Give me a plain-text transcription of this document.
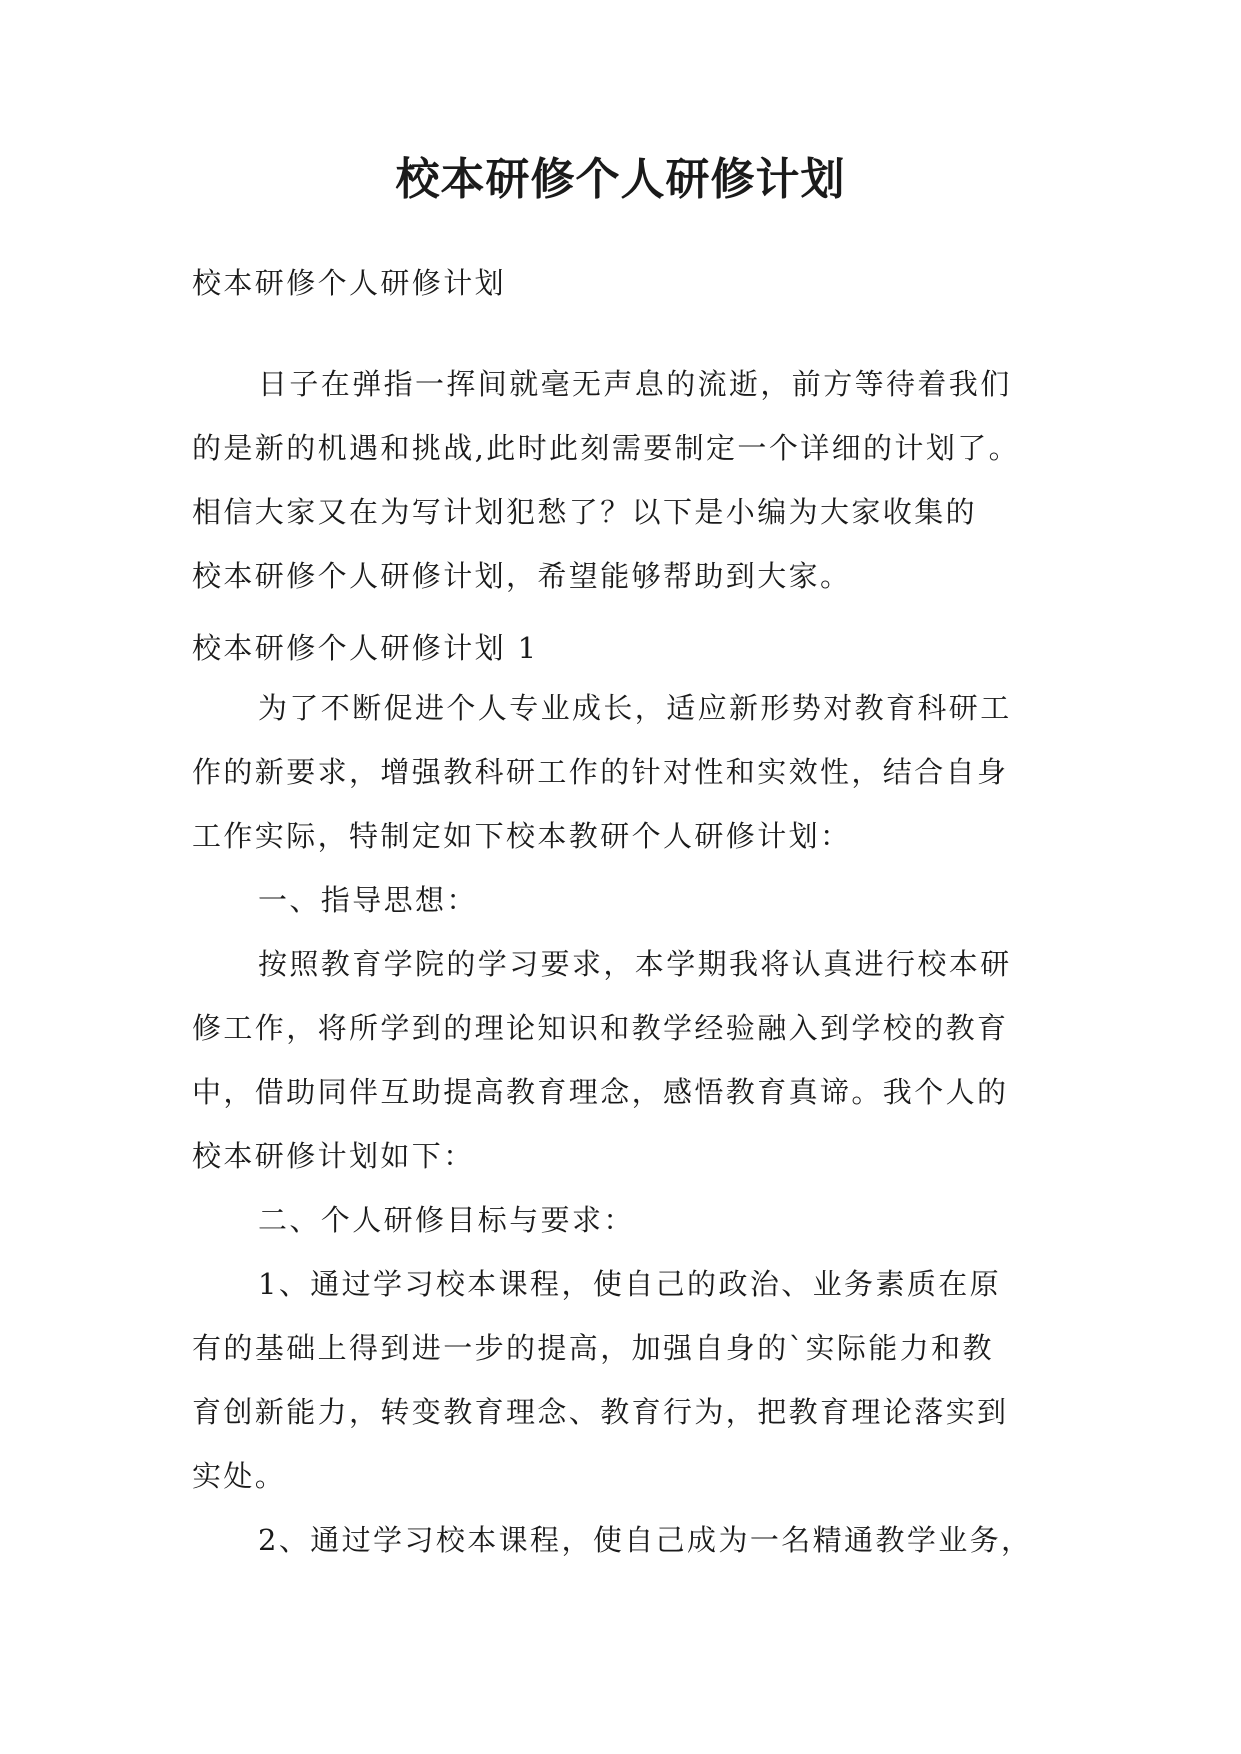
校本研修个人研修计划

校本研修个人研修计划

日子在弹指一挥间就毫无声息的流逝，前方等待着我们
的是新的机遇和挑战,此时此刻需要制定一个详细的计划了。
相信大家又在为写计划犯愁了？以下是小编为大家收集的
校本研修个人研修计划，希望能够帮助到大家。

校本研修个人研修计划 1

为了不断促进个人专业成长，适应新形势对教育科研工
作的新要求，增强教科研工作的针对性和实效性，结合自身
工作实际，特制定如下校本教研个人研修计划：
一、指导思想：
按照教育学院的学习要求，本学期我将认真进行校本研
修工作，将所学到的理论知识和教学经验融入到学校的教育
中，借助同伴互助提高教育理念，感悟教育真谛。我个人的
校本研修计划如下：
二、个人研修目标与要求：
1、通过学习校本课程，使自己的政治、业务素质在原
有的基础上得到进一步的提高，加强自身的`实际能力和教
育创新能力，转变教育理念、教育行为，把教育理论落实到
实处。
2、通过学习校本课程，使自己成为一名精通教学业务，
